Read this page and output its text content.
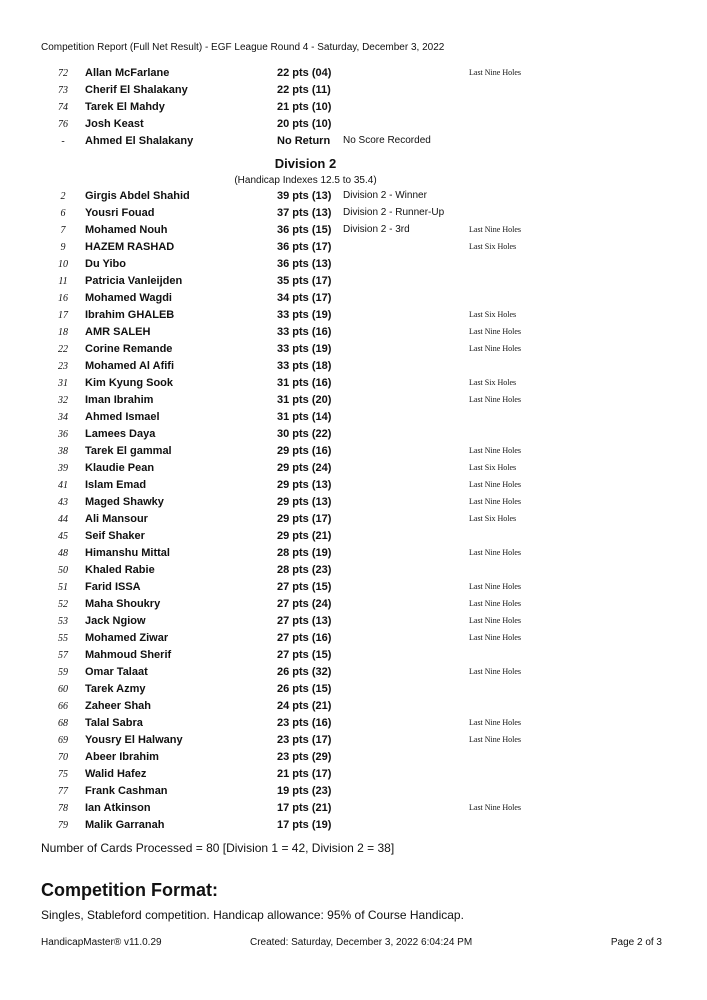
Competition Report (Full Net Result) - EGF League Round 4 - Saturday, December 3, 2022
72	Allan McFarlane	22 pts (04)	Last Nine Holes
73	Cherif El Shalakany	22 pts (11)
74	Tarek El Mahdy	21 pts (10)
76	Josh Keast	20 pts (10)
-	Ahmed El Shalakany	No Return No Score Recorded
Division 2
(Handicap Indexes 12.5 to 35.4)
2	Girgis Abdel Shahid	39 pts (13) Division 2 - Winner
6	Yousri Fouad	37 pts (13) Division 2 - Runner-Up
7	Mohamed Nouh	36 pts (15) Division 2 - 3rd	Last Nine Holes
9	HAZEM RASHAD	36 pts (17)	Last Six Holes
10	Du Yibo	36 pts (13)
11	Patricia Vanleijden	35 pts (17)
16	Mohamed Wagdi	34 pts (17)
17	Ibrahim GHALEB	33 pts (19)	Last Six Holes
18	AMR SALEH	33 pts (16)	Last Nine Holes
22	Corine Remande	33 pts (19)	Last Nine Holes
23	Mohamed Al Afifi	33 pts (18)
31	Kim Kyung Sook	31 pts (16)	Last Six Holes
32	Iman Ibrahim	31 pts (20)	Last Nine Holes
34	Ahmed Ismael	31 pts (14)
36	Lamees Daya	30 pts (22)
38	Tarek El gammal	29 pts (16)	Last Nine Holes
39	Klaudie Pean	29 pts (24)	Last Six Holes
41	Islam Emad	29 pts (13)	Last Nine Holes
43	Maged Shawky	29 pts (13)	Last Nine Holes
44	Ali Mansour	29 pts (17)	Last Six Holes
45	Seif Shaker	29 pts (21)
48	Himanshu Mittal	28 pts (19)	Last Nine Holes
50	Khaled Rabie	28 pts (23)
51	Farid ISSA	27 pts (15)	Last Nine Holes
52	Maha Shoukry	27 pts (24)	Last Nine Holes
53	Jack Ngiow	27 pts (13)	Last Nine Holes
55	Mohamed Ziwar	27 pts (16)	Last Nine Holes
57	Mahmoud Sherif	27 pts (15)
59	Omar Talaat	26 pts (32)	Last Nine Holes
60	Tarek Azmy	26 pts (15)
66	Zaheer Shah	24 pts (21)
68	Talal Sabra	23 pts (16)	Last Nine Holes
69	Yousry El Halwany	23 pts (17)	Last Nine Holes
70	Abeer Ibrahim	23 pts (29)
75	Walid Hafez	21 pts (17)
77	Frank Cashman	19 pts (23)
78	Ian Atkinson	17 pts (21)	Last Nine Holes
79	Malik Garranah	17 pts (19)
Number of Cards Processed = 80 [Division 1 = 42, Division 2 = 38]
Competition Format:
Singles, Stableford competition. Handicap allowance: 95% of Course Handicap.
HandicapMaster® v11.0.29	Created: Saturday, December 3, 2022 6:04:24 PM	Page 2 of 3
